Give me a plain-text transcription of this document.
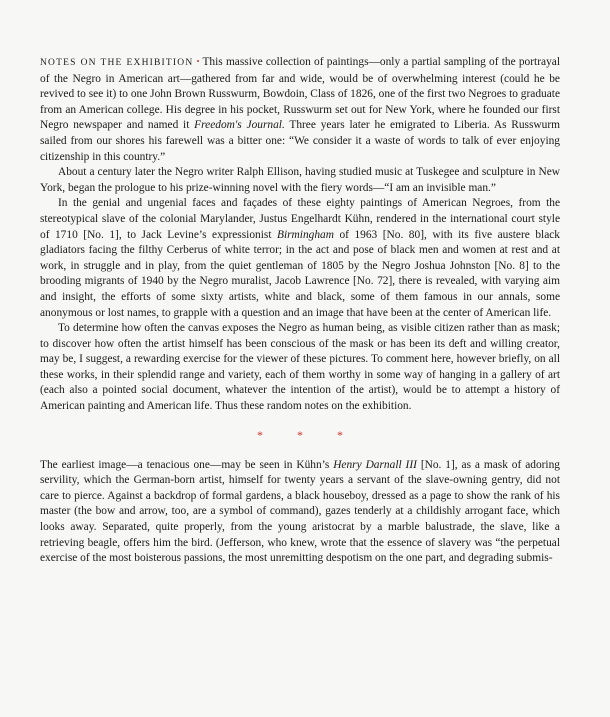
NOTES ON THE EXHIBITION • This massive collection of paintings—only a partial sampling of the portrayal of the Negro in American art—gathered from far and wide, would be of overwhelming interest (could he be revived to see it) to one John Brown Russwurm, Bowdoin, Class of 1826, one of the first two Negroes to graduate from an American college. His degree in his pocket, Russwurm set out for New York, where he founded our first Negro newspaper and named it Freedom's Journal. Three years later he emigrated to Liberia. As Russwurm sailed from our shores his farewell was a bitter one: “We consider it a waste of words to talk of ever enjoying citizenship in this country.”

About a century later the Negro writer Ralph Ellison, having studied music at Tuskegee and sculpture in New York, began the prologue to his prize-winning novel with the fiery words—“I am an invisible man.”

In the genial and ungenial faces and façades of these eighty paintings of American Negroes, from the stereotypical slave of the colonial Marylander, Justus Engelhardt Kühn, rendered in the international court style of 1710 [No. 1], to Jack Levine’s expressionist Birmingham of 1963 [No. 80], with its five austere black gladiators facing the filthy Cerberus of white terror; in the act and pose of black men and women at rest and at work, in struggle and in play, from the quiet gentleman of 1805 by the Negro Joshua Johnston [No. 8] to the brooding migrants of 1940 by the Negro muralist, Jacob Lawrence [No. 72], there is revealed, with varying aim and insight, the efforts of some sixty artists, white and black, some of them famous in our annals, some anonymous or lost names, to grapple with a question and an image that have been at the center of American life.

To determine how often the canvas exposes the Negro as human being, as visible citizen rather than as mask; to discover how often the artist himself has been conscious of the mask or has been its deft and willing creator, may be, I suggest, a rewarding exercise for the viewer of these pictures. To comment here, however briefly, on all these works, in their splendid range and variety, each of them worthy in some way of hanging in a gallery of art (each also a pointed social document, whatever the intention of the artist), would be to attempt a history of American painting and American life. Thus these random notes on the exhibition.

*	*	*

The earliest image—a tenacious one—may be seen in Kühn’s Henry Darnall III [No. 1], as a mask of adoring servility, which the German-born artist, himself for twenty years a servant of the slave-owning gentry, did not care to pierce. Against a backdrop of formal gardens, a black houseboy, dressed as a page to show the rank of his master (the bow and arrow, too, are a symbol of command), gazes tenderly at a childishly arrogant face, which looks away. Separated, quite properly, from the young aristocrat by a marble balustrade, the slave, like a retrieving beagle, offers him the bird. (Jefferson, who knew, wrote that the essence of slavery was “the perpetual exercise of the most boisterous passions, the most unremitting despotism on the one part, and degrading submis-
